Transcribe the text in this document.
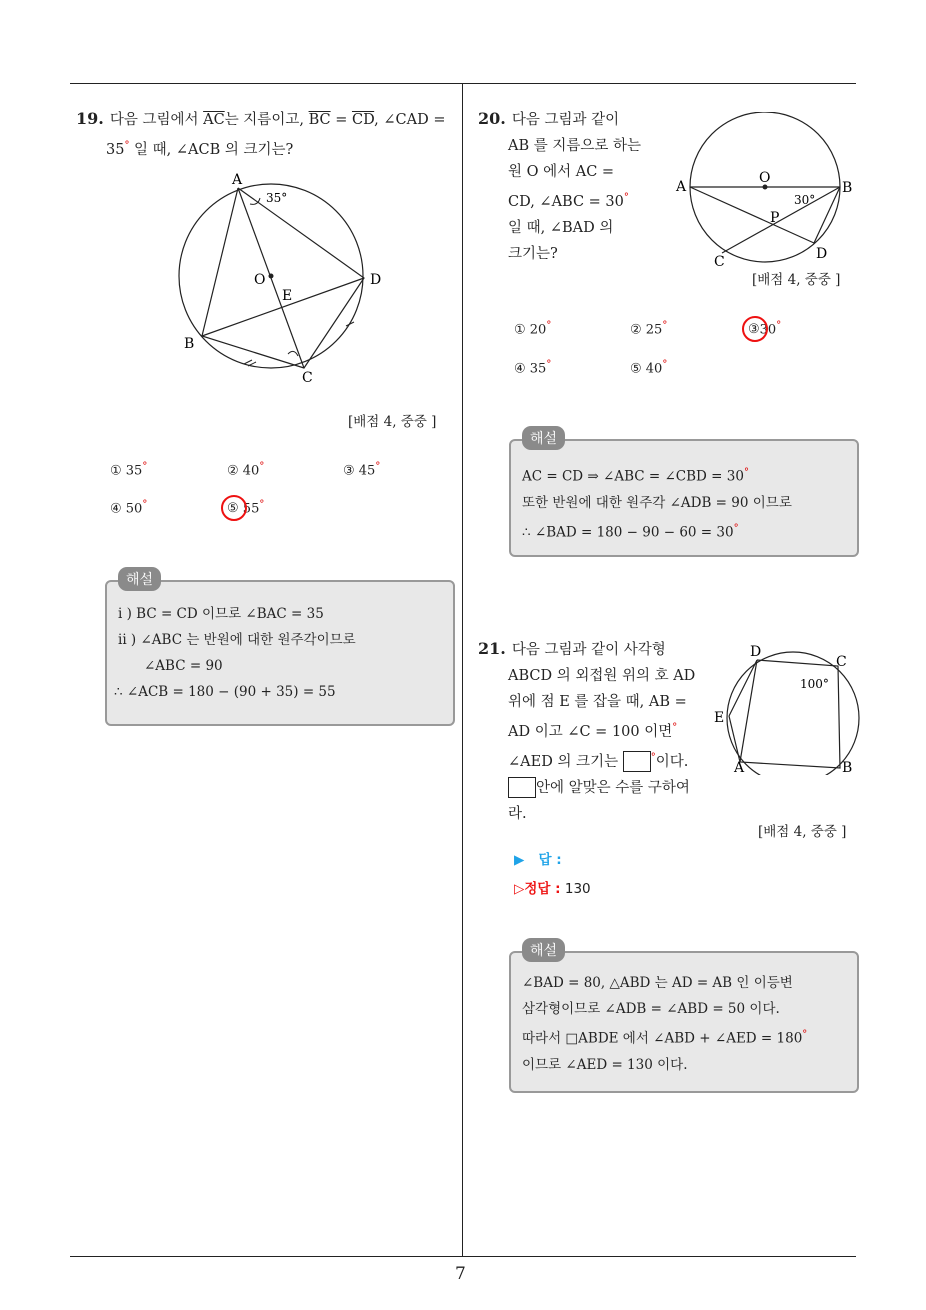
7
19. 다음 그림에서 $\overline{AC}$는 지름이고, $\overline{BC} = \overline{CD}$, ∠CAD =
35° 일 때, ∠ACB 의 크기는?
A
B
C
D
O
E
35°
[배점 4, 중중 ]
① 35°	② 40°	③ 45°
④ 50°	⑤ 55°
해설
i ) BC = CD 이므로 ∠BAC = 35
ii ) ∠ABC 는 반원에 대한 원주각이므로
∠ABC = 90
∴ ∠ACB = 180 − (90 + 35) = 55
20. 다음 그림과 같이
AB 를 지름으로 하는
원 O 에서 AC =
CD, ∠ABC = 30°
일 때, ∠BAD 의
크기는?
A	B
C	D
O
P
30°
[배점 4, 중중 ]
① 20°	② 25°	③30°
④ 35°	⑤ 40°
해설
AC = CD ⇒ ∠ABC = ∠CBD = 30°
또한 반원에 대한 원주각 ∠ADB = 90 이므로
∴ ∠BAD = 180 − 90 − 60 = 30°
21. 다음 그림과 같이 사각형
ABCD 의 외접원 위의 호 AD
위에 점 E 를 잡을 때, AB =
AD 이고 ∠C = 100 이면°
∠AED 의 크기는	°이다.
안에 알맞은 수를 구하여
라.
D
C
E
A	B
100°
[배점 4, 중중 ]
▶ 답 :
▷정답 : 130
해설
∠BAD = 80, △ABD 는 AD = AB 인 이등변
삼각형이므로 ∠ADB = ∠ABD = 50 이다.
따라서 □ABDE 에서 ∠ABD + ∠AED = 180°
이므로 ∠AED = 130 이다.
